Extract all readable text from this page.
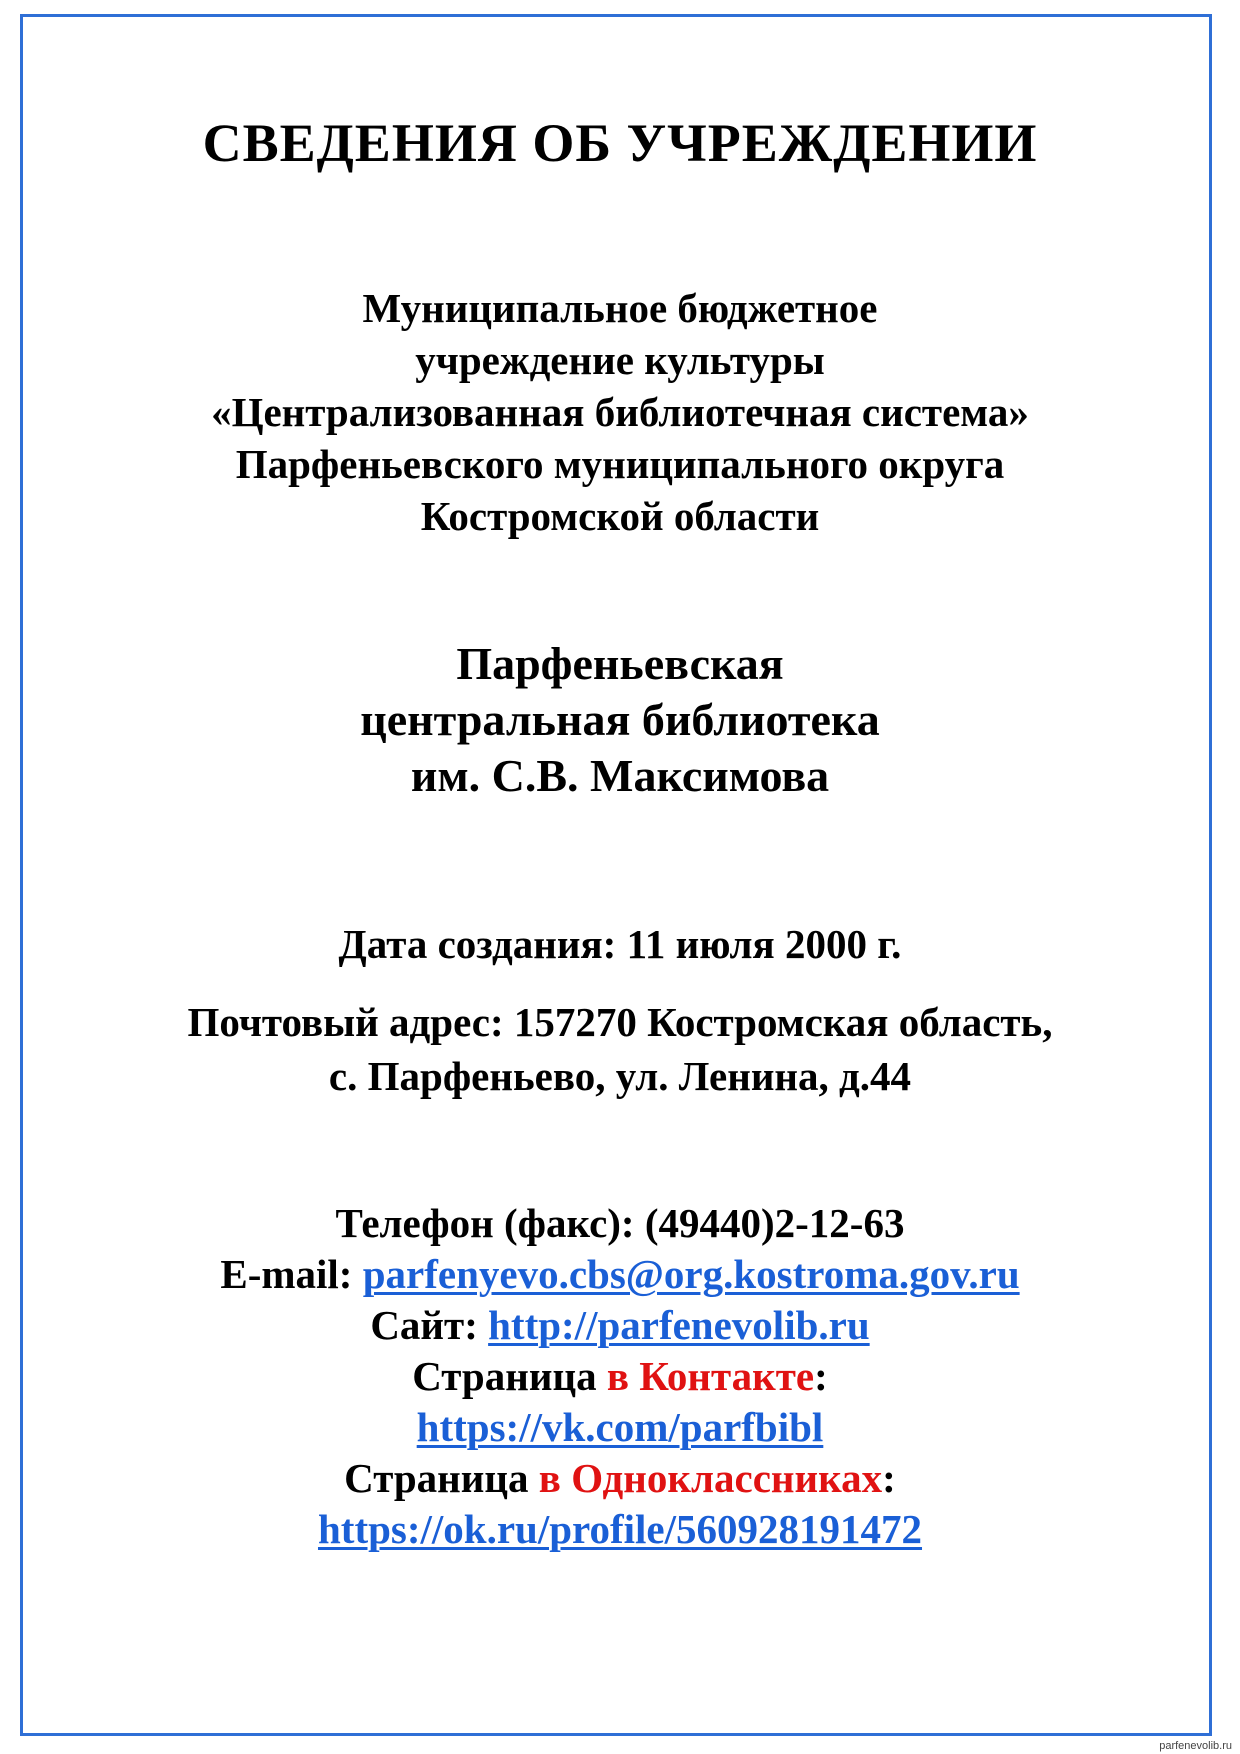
СВЕДЕНИЯ ОБ УЧРЕЖДЕНИИ
Муниципальное бюджетное
учреждение культуры
«Централизованная библиотечная система»
Парфеньевского муниципального округа
Костромской области
Парфеньевская
центральная библиотека
им. С.В. Максимова
Дата создания: 11 июля 2000 г.
Почтовый адрес: 157270 Костромская область,
с. Парфеньево, ул. Ленина, д.44
Телефон (факс): (49440)2-12-63
E-mail: parfenyevo.cbs@org.kostroma.gov.ru
Сайт: http://parfenevolib.ru
Страница в Контакте:
https://vk.com/parfbibl
Страница в Одноклассниках:
https://ok.ru/profile/560928191472
parfenevolib.ru
